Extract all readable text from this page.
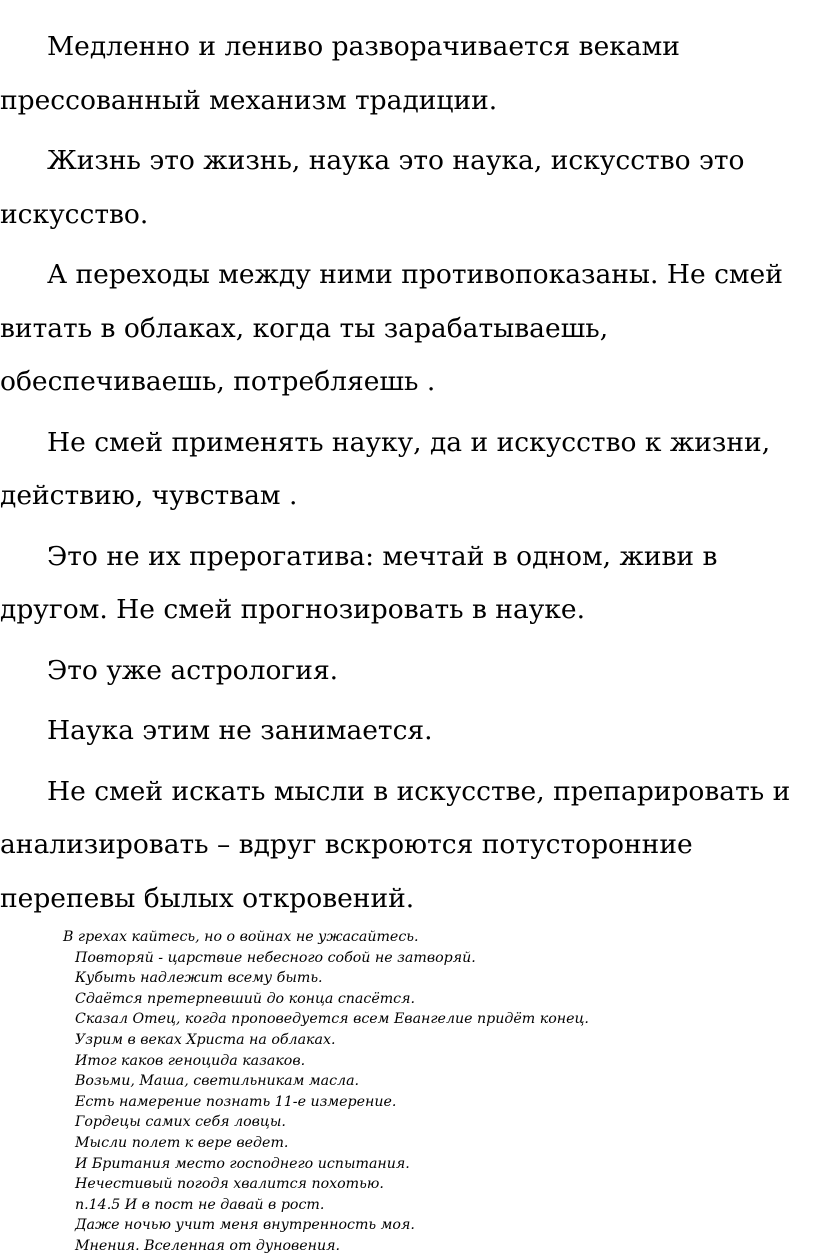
Медленно и лениво разворачивается веками прессованный механизм традиции.

Жизнь это жизнь, наука это наука, искусство это искусство.

А переходы между ними противопоказаны. Не смей витать в облаках, когда ты зарабатываешь, обеспечиваешь, потребляешь .

Не смей применять науку, да и искусство к жизни, действию, чувствам .

Это не их прерогатива: мечтай в одном, живи в другом. Не смей прогнозировать в науке.

Это уже астрология.

Наука этим не занимается.

Не смей искать мысли в искусстве, препарировать и анализировать – вдруг вскроются потусторонние перепевы былых откровений.

В грехах кайтесь, но о войнах не ужасайтесь.
Повторяй - царствие небесного собой не затворяй.
Кубыть надлежит всему быть.
Сдаётся претерпевший до конца спасётся.
Сказал Отец, когда проповедуется всем Евангелие придёт конец.
Узрим в веках Христа на облаках.
Итог каков геноцида казаков.
Возьми, Маша, светильникам масла.
Есть намерение познать 11-е измерение.
Гордецы самих себя ловцы.
Мысли полет к вере ведет.
И Британия место господнего испытания.
Нечестивый погодя хвалится похотью.
п.14.5 И в пост не давай в рост.
Даже ночью учит меня внутренность моя.
Мнения. Вселенная от дуновения.
